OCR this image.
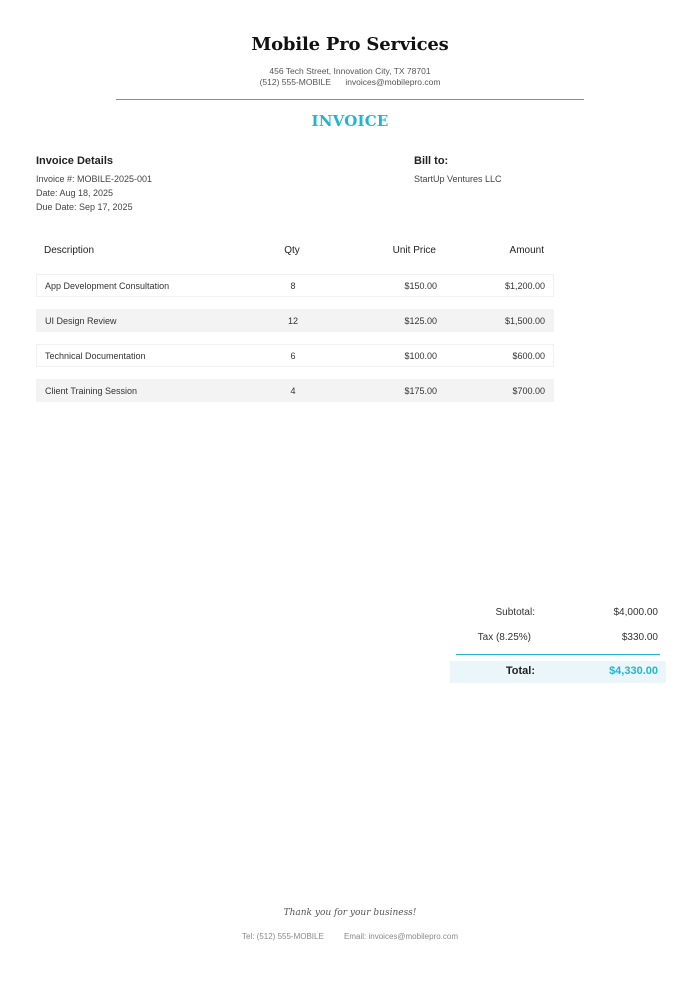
Mobile Pro Services
456 Tech Street, Innovation City, TX 78701
(512) 555-MOBILE invoices@mobilepro.com
INVOICE
Invoice Details
Invoice #: MOBILE-2025-001
Date: Aug 18, 2025
Due Date: Sep 17, 2025
Bill to:
StartUp Ventures LLC
Description	Qty	Unit Price	Amount
App Development Consultation	8	$150.00	$1,200.00
UI Design Review	12	$125.00	$1,500.00
Technical Documentation	6	$100.00	$600.00
Client Training Session	4	$175.00	$700.00
Subtotal:	$4,000.00
Tax (8.25%)	$330.00
Total:	$4,330.00
Thank you for your business!
Tel: (512) 555-MOBILE	Email: invoices@mobilepro.com
